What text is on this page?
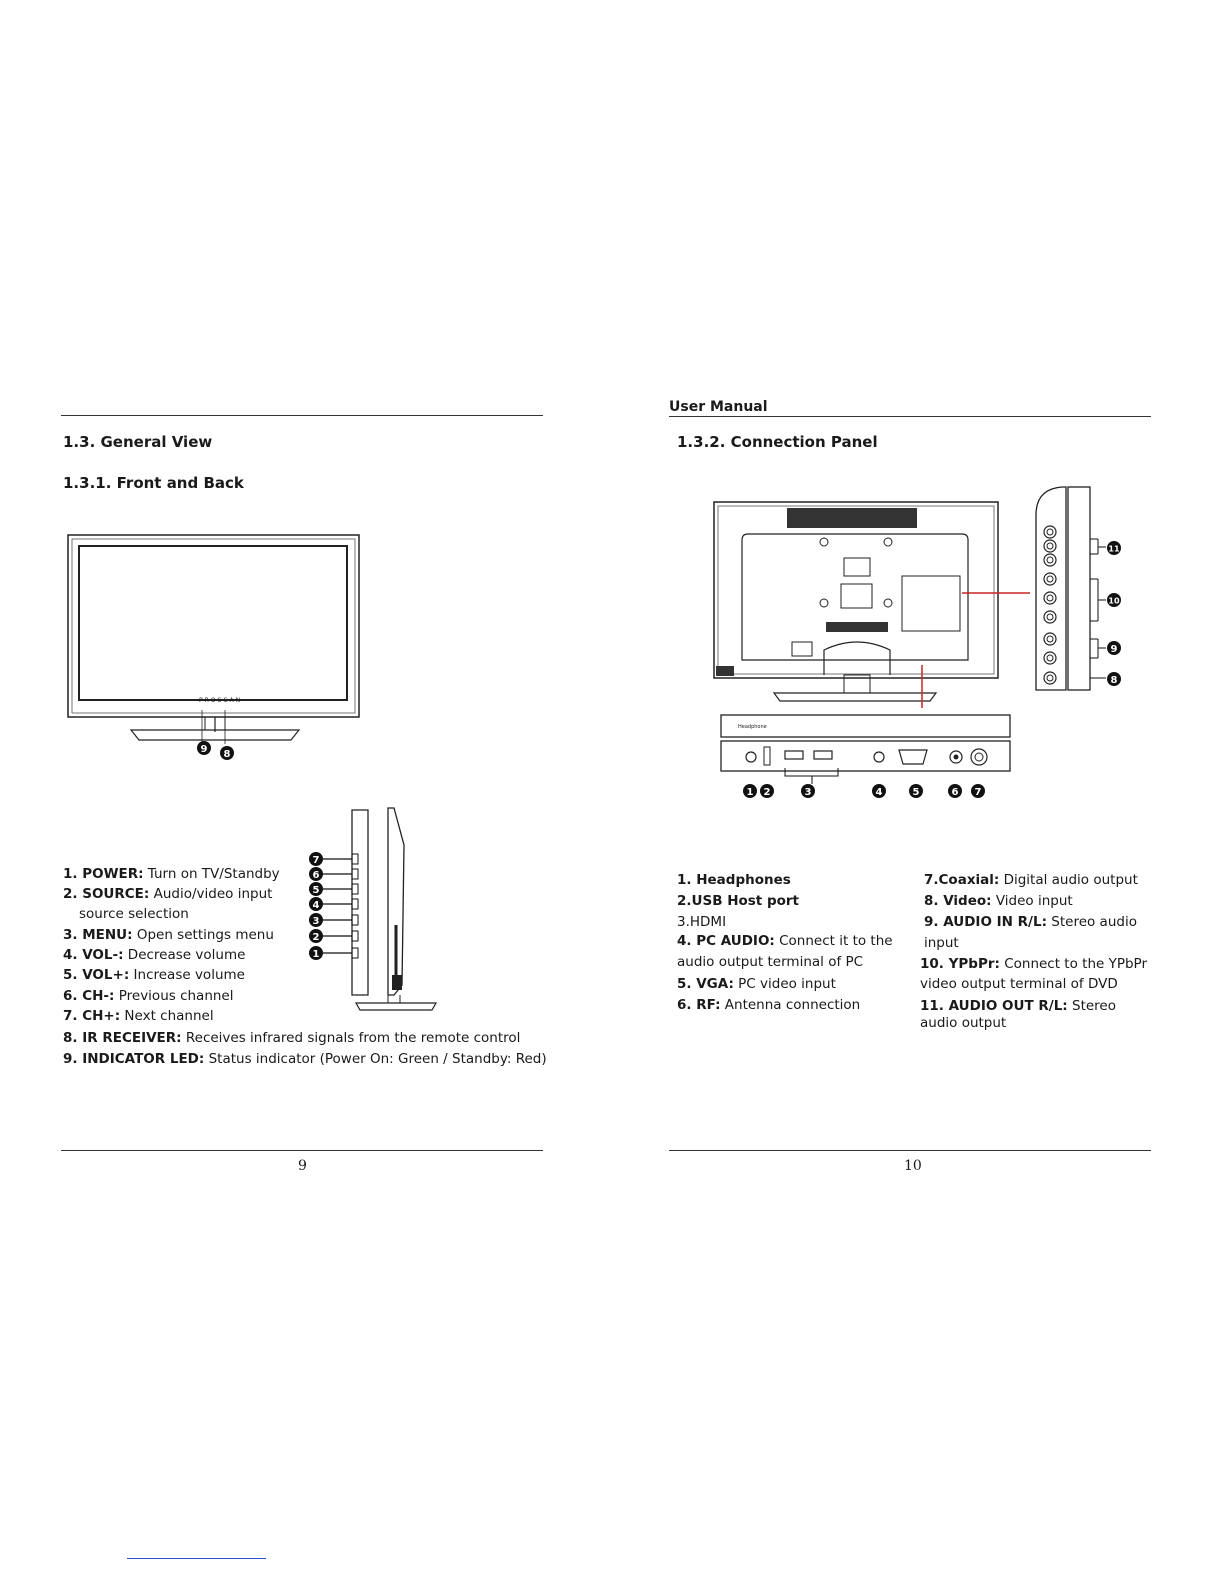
1.3. General View
1.3.1. Front and Back
PROSCAN
9 8
7
6
5
4
3
2
1
1. POWER: Turn on TV/Standby
2. SOURCE: Audio/video input
source selection
3. MENU: Open settings menu
4. VOL-: Decrease volume
5. VOL+: Increase volume
6. CH-: Previous channel
7. CH+: Next channel
8. IR RECEIVER: Receives infrared signals from the remote control
9. INDICATOR LED: Status indicator (Power On: Green / Standby: Red)
9
User Manual
1.3.2. Connection Panel
11
10
9
8
Headphone
1 2	3	4	5	6 7
1. Headphones
2.USB Host port
3.HDMI
4. PC AUDIO: Connect it to the
audio output terminal of PC
5. VGA: PC video input
6. RF: Antenna connection
7.Coaxial: Digital audio output
8. Video: Video input
9. AUDIO IN R/L: Stereo audio
input
10. YPbPr: Connect to the YPbPr
video output terminal of DVD
11. AUDIO OUT R/L: Stereo
audio output
10
